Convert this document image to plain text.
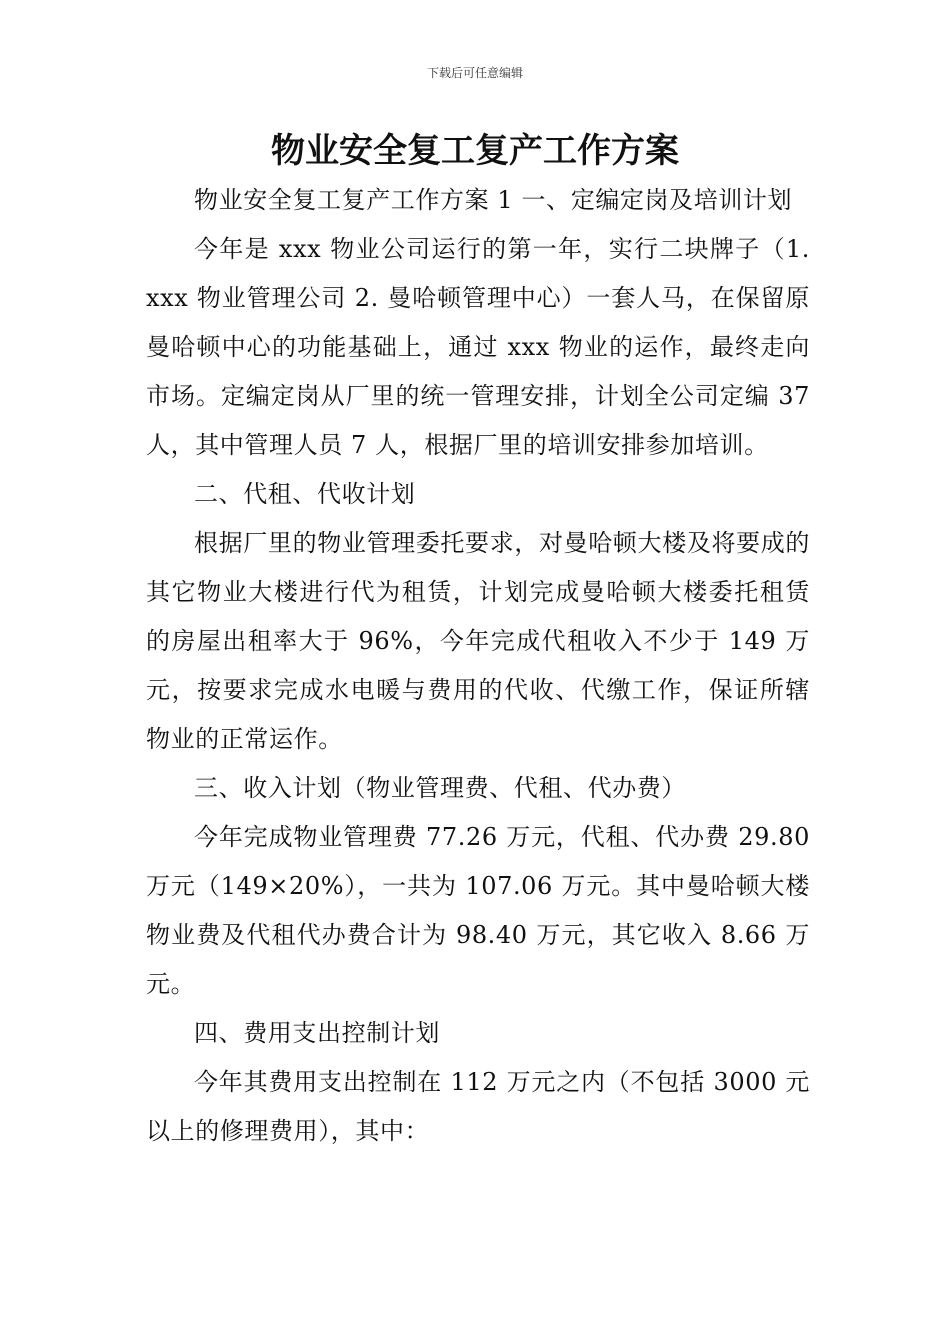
下载后可任意编辑
物业安全复工复产工作方案

物业安全复工复产工作方案 1 一、定编定岗及培训计划

今年是 xxx 物业公司运行的第一年，实行二块牌子（1. xxx 物业管理公司 2. 曼哈顿管理中心）一套人马，在保留原曼哈顿中心的功能基础上，通过 xxx 物业的运作，最终走向市场。定编定岗从厂里的统一管理安排，计划全公司定编 37 人，其中管理人员 7 人，根据厂里的培训安排参加培训。

二、代租、代收计划

根据厂里的物业管理委托要求，对曼哈顿大楼及将要成的其它物业大楼进行代为租赁，计划完成曼哈顿大楼委托租赁的房屋出租率大于 96%，今年完成代租收入不少于 149 万元，按要求完成水电暖与费用的代收、代缴工作，保证所辖物业的正常运作。

三、收入计划（物业管理费、代租、代办费）

今年完成物业管理费 77.26 万元，代租、代办费 29.80 万元（149×20%），一共为 107.06 万元。其中曼哈顿大楼物业费及代租代办费合计为 98.40 万元，其它收入 8.66 万元。

四、费用支出控制计划

今年其费用支出控制在 112 万元之内（不包括 3000 元以上的修理费用），其中：
